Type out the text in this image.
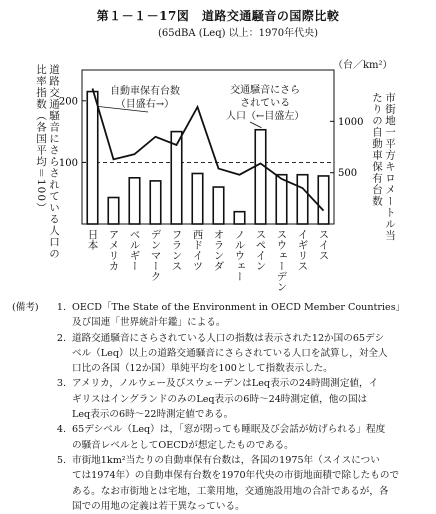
第１－１－17図　道路交通騒音の国際比較
(65dBA (Leq) 以上：1970年代央)
道路交通騒音にさらされている人口の比率指数（各国平均＝100）	市街地一平方キロメートル当たりの自動車保有台数
（台／km²）
100
200
500
1000
自動車保有台数
（目盛右→）
交通騒音にさら
されている
人口（←目盛左）
日本 アメリカ ベルギー デンマーク フランス 西ドイツ オランダ ノルウェー スペイン スウェーデン イギリス スイス
(備考)	1. OECD「The State of the Environment in OECD Member Countries」
及び国連「世界統計年鑑」による。
2. 道路交通騒音にさらされている人口の指数は表示された12か国の65デシ
ベル（Leq）以上の道路交通騒音にさらされている人口を試算し，対全人
口比の各国（12か国）単純平均を100として指数表示した。
3. アメリカ，ノルウェー及びスウェーデンはLeq表示の24時間測定値，イ
ギリスはイングランドのみのLeq表示の6時～24時測定値，他の国は
Leq表示の6時～22時測定値である。
4. 65デシベル（Leq）は，「窓が閉っても睡眠及び会話が妨げられる」程度
の騒音レベルとしてOECDが想定したものである。
5. 市街地1km²当たりの自動車保有台数は，各国の1975年（スイスについ
ては1974年）の自動車保有台数を1970年代央の市街地面積で除したもので
ある。なお市街地とは宅地，工業用地，交通施設用地の合計であるが，各
国での用地の定義は若干異なっている。
